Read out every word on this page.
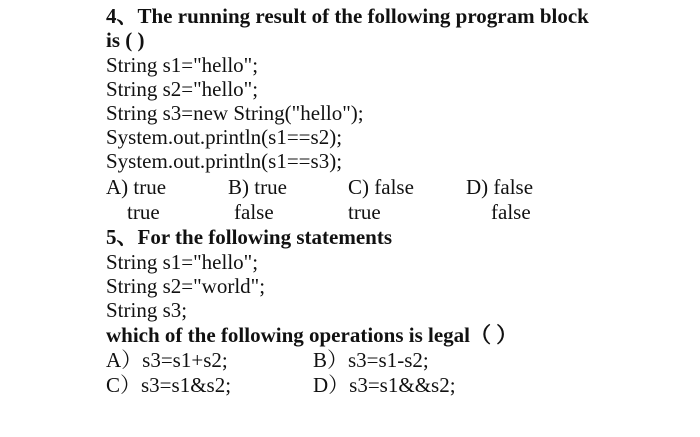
4、The running result of the following program block
is ( )
String s1="hello";
String s2="hello";
String s3=new String("hello");
System.out.println(s1==s2);
System.out.println(s1==s3);
A) true	B) true	C) false D) false
true	false	true	false
5、For the following statements
String s1="hello";
String s2="world";
String s3;
which of the following operations is legal（ ）
A）s3=s1+s2;	B）s3=s1-s2;
C）s3=s1&s2;	D）s3=s1&&s2;
